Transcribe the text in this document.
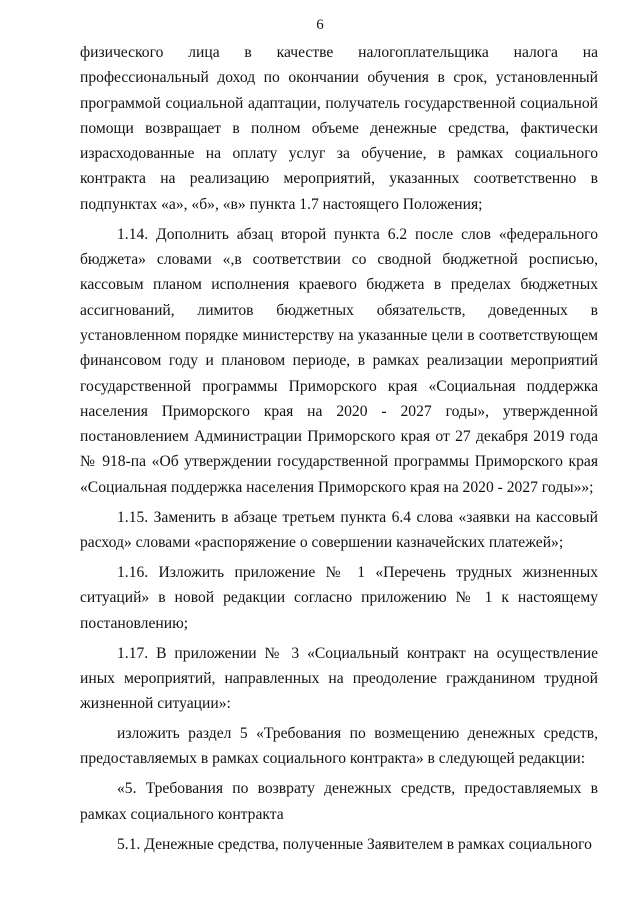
6

физического лица в качестве налогоплательщика налога на профессиональный доход по окончании обучения в срок, установленный программой социальной адаптации, получатель государственной социальной помощи возвращает в полном объеме денежные средства, фактически израсходованные на оплату услуг за обучение, в рамках социального контракта на реализацию мероприятий, указанных соответственно в подпунктах «а», «б», «в» пункта 1.7 настоящего Положения;

1.14. Дополнить абзац второй пункта 6.2 после слов «федерального бюджета» словами «,в соответствии со сводной бюджетной росписью, кассовым планом исполнения краевого бюджета в пределах бюджетных ассигнований, лимитов бюджетных обязательств, доведенных в установленном порядке министерству на указанные цели в соответствующем финансовом году и плановом периоде, в рамках реализации мероприятий государственной программы Приморского края «Социальная поддержка населения Приморского края на 2020 - 2027 годы», утвержденной постановлением Администрации Приморского края от 27 декабря 2019 года № 918-па «Об утверждении государственной программы Приморского края «Социальная поддержка населения Приморского края на 2020 - 2027 годы»»;

1.15. Заменить в абзаце третьем пункта 6.4 слова «заявки на кассовый расход» словами «распоряжение о совершении казначейских платежей»;

1.16. Изложить приложение № 1 «Перечень трудных жизненных ситуаций» в новой редакции согласно приложению № 1 к настоящему постановлению;

1.17. В приложении № 3 «Социальный контракт на осуществление иных мероприятий, направленных на преодоление гражданином трудной жизненной ситуации»:

изложить раздел 5 «Требования по возмещению денежных средств, предоставляемых в рамках социального контракта» в следующей редакции:

«5. Требования по возврату денежных средств, предоставляемых в рамках социального контракта

5.1. Денежные средства, полученные Заявителем в рамках социального
